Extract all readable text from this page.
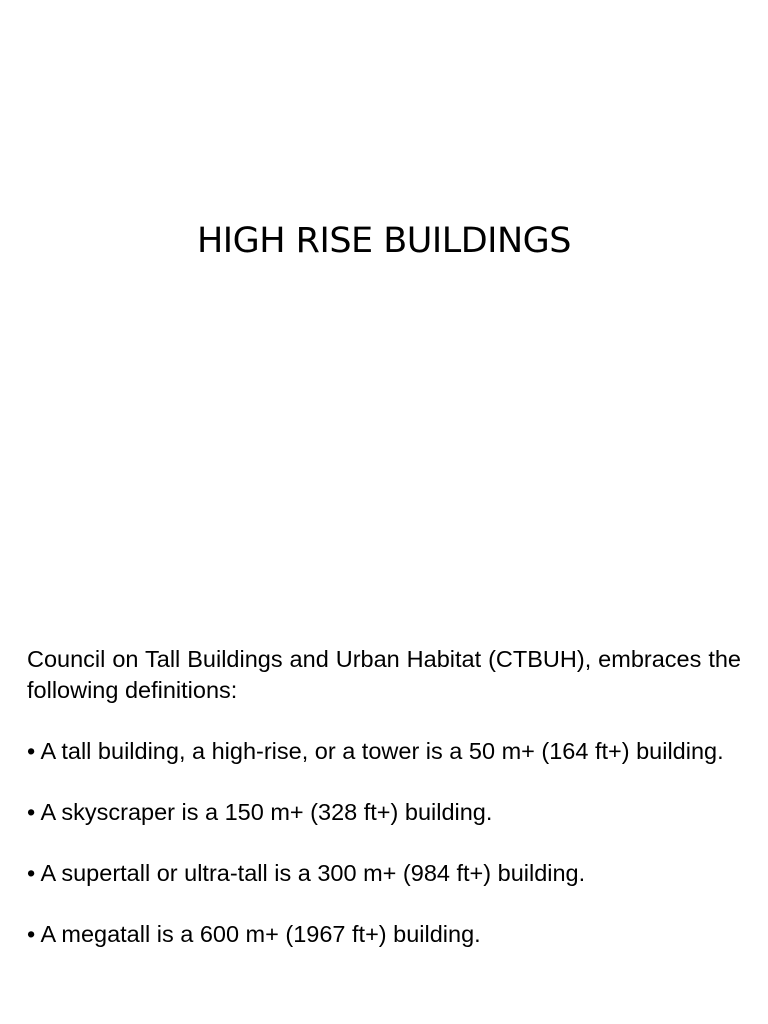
HIGH RISE BUILDINGS

Council on Tall Buildings and Urban Habitat (CTBUH), embraces the following definitions:

• A tall building, a high-rise, or a tower is a 50 m+ (164 ft+) building.
• A skyscraper is a 150 m+ (328 ft+) building.
• A supertall or ultra-tall is a 300 m+ (984 ft+) building.
• A megatall is a 600 m+ (1967 ft+) building.
